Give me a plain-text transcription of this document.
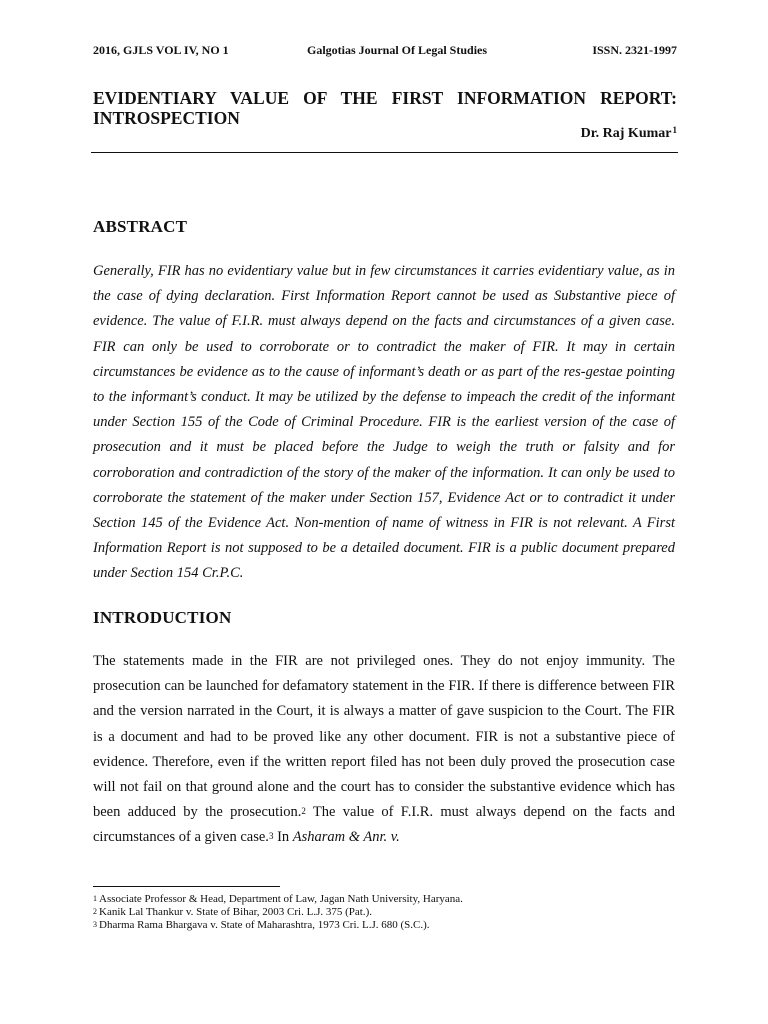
2016, GJLS VOL IV, NO 1	Galgotias Journal Of Legal Studies	ISSN. 2321-1997
EVIDENTIARY VALUE OF THE FIRST INFORMATION REPORT: INTROSPECTION

Dr. Raj Kumar$^1$

ABSTRACT

Generally, FIR has no evidentiary value but in few circumstances it carries evidentiary value, as in the case of dying declaration. First Information Report cannot be used as Substantive piece of evidence. The value of F.I.R. must always depend on the facts and circumstances of a given case. FIR can only be used to corroborate or to contradict the maker of FIR. It may in certain circumstances be evidence as to the cause of informant’s death or as part of the res-gestae pointing to the informant’s conduct. It may be utilized by the defense to impeach the credit of the informant under Section 155 of the Code of Criminal Procedure. FIR is the earliest version of the case of prosecution and it must be placed before the Judge to weigh the truth or falsity and for corroboration and contradiction of the story of the maker of the information. It can only be used to corroborate the statement of the maker under Section 157, Evidence Act or to contradict it under Section 145 of the Evidence Act. Non-mention of name of witness in FIR is not relevant. A First Information Report is not supposed to be a detailed document. FIR is a public document prepared under Section 154 Cr.P.C.

INTRODUCTION

The statements made in the FIR are not privileged ones. They do not enjoy immunity. The prosecution can be launched for defamatory statement in the FIR. If there is difference between FIR and the version narrated in the Court, it is always a matter of gave suspicion to the Court. The FIR is a document and had to be proved like any other document. FIR is not a substantive piece of evidence. Therefore, even if the written report filed has not been duly proved the prosecution case will not fail on that ground alone and the court has to consider the substantive evidence which has been adduced by the prosecution.$^2$ The value of F.I.R. must always depend on the facts and circumstances of a given case.$^3$ In Asharam & Anr. v.

$^1$ Associate Professor & Head, Department of Law, Jagan Nath University, Haryana.
$^2$ Kanik Lal Thankur v. State of Bihar, 2003 Cri. L.J. 375 (Pat.).
$^3$ Dharma Rama Bhargava v. State of Maharashtra, 1973 Cri. L.J. 680 (S.C.).
